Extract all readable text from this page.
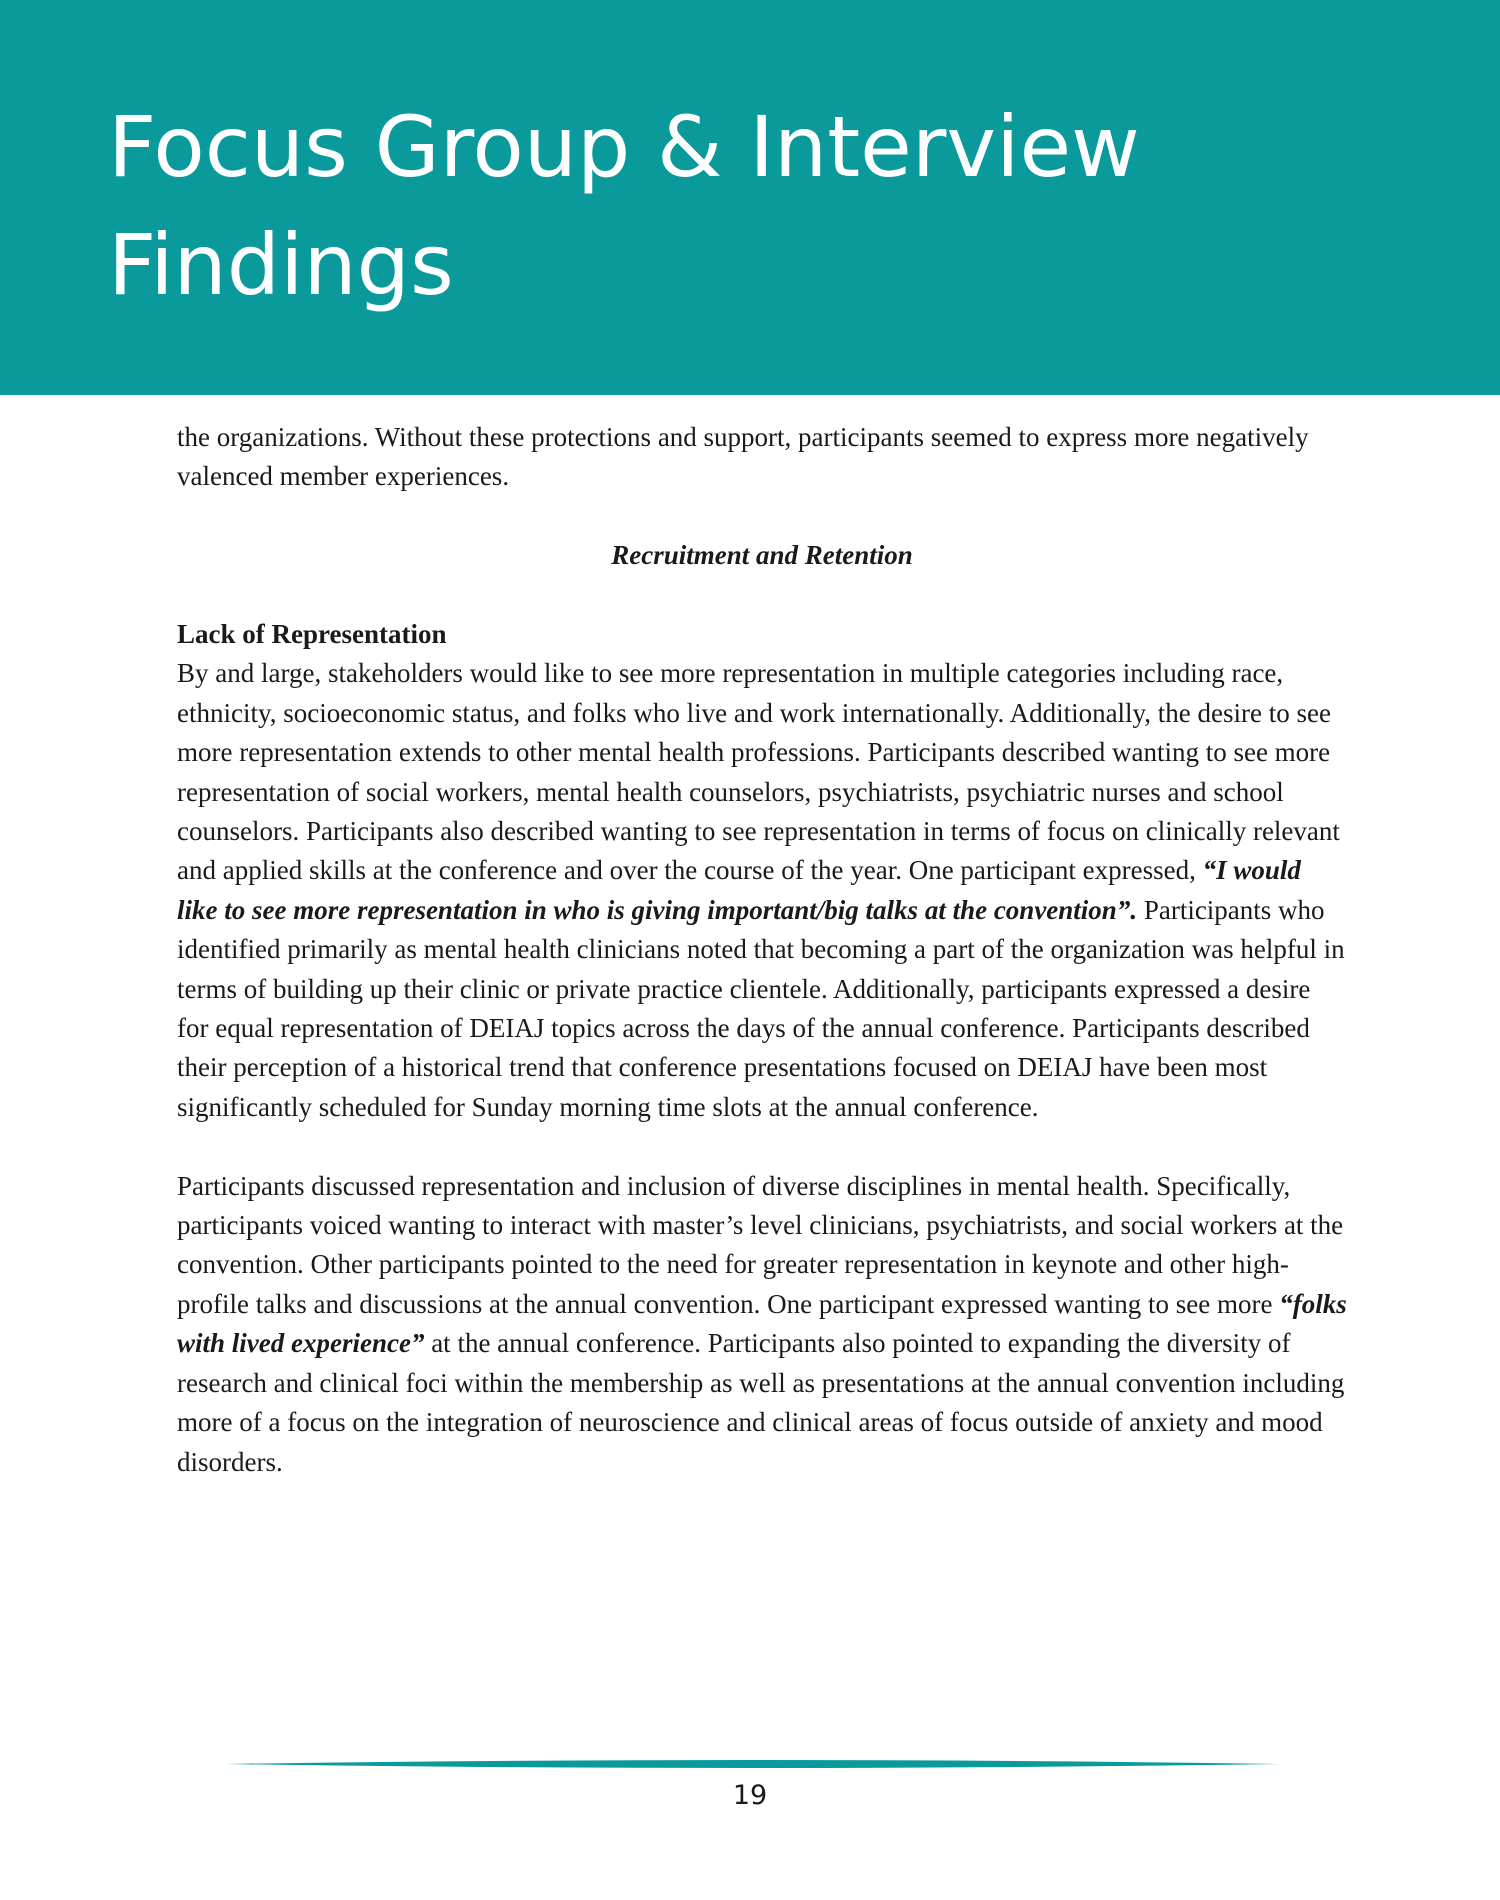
Focus Group & Interview Findings

the organizations. Without these protections and support, participants seemed to express more negatively valenced member experiences.

Recruitment and Retention

Lack of Representation

By and large, stakeholders would like to see more representation in multiple categories including race, ethnicity, socioeconomic status, and folks who live and work internationally. Additionally, the desire to see more representation extends to other mental health professions. Participants described wanting to see more representation of social workers, mental health counselors, psychiatrists, psychiatric nurses and school counselors. Participants also described wanting to see representation in terms of focus on clinically relevant and applied skills at the conference and over the course of the year. One participant expressed, “I would like to see more representation in who is giving important/big talks at the convention”. Participants who identified primarily as mental health clinicians noted that becoming a part of the organization was helpful in terms of building up their clinic or private practice clientele. Additionally, participants expressed a desire for equal representation of DEIAJ topics across the days of the annual conference. Participants described their perception of a historical trend that conference presentations focused on DEIAJ have been most significantly scheduled for Sunday morning time slots at the annual conference.

Participants discussed representation and inclusion of diverse disciplines in mental health. Specifically, participants voiced wanting to interact with master’s level clinicians, psychiatrists, and social workers at the convention. Other participants pointed to the need for greater representation in keynote and other high-profile talks and discussions at the annual convention. One participant expressed wanting to see more “folks with lived experience” at the annual conference. Participants also pointed to expanding the diversity of research and clinical foci within the membership as well as presentations at the annual convention including more of a focus on the integration of neuroscience and clinical areas of focus outside of anxiety and mood disorders.

19
